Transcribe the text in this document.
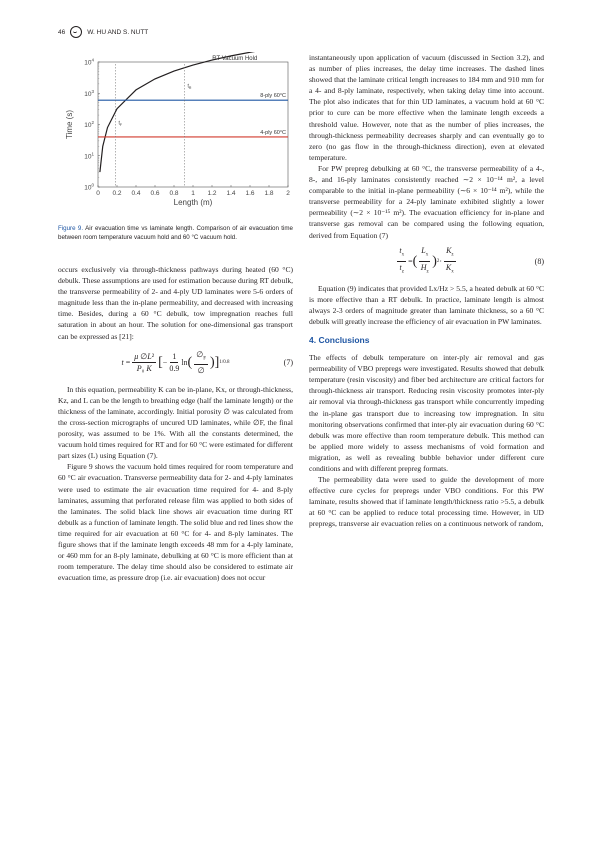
46	W. HU AND S. NUTT
0 0.2 0.4 0.6 0.8 1 1.2 1.4 1.6 1.8 2
$10^0$
$10^1$
$10^2$
$10^3$
$10^4$
Time (s)
Length (m)
RT Vacuum Hold
8-ply 60°C
4-ply 60°C
$t_R$
$t_F$
Figure 9. Air evacuation time vs laminate length. Comparison of air evacuation time between room temperature vacuum hold and 60 °C vacuum hold.

occurs exclusively via through-thickness pathways during heated (60 °C) debulk. These assumptions are used for estimation because during RT debulk, the transverse permeability of 2- and 4-ply UD laminates were 5-6 orders of magnitude less than the in-plane permeability, and decreased with increasing time. Besides, during a 60 °C debulk, tow impregnation reaches full saturation in about an hour. The solution for one-dimensional gas transport can be expressed as [21]:

$t = \frac{\text{μ ∅L²}}{\text{P₀ K}}$ [ − $\frac{1}{0.9}$ ln ( $\frac{\emptyset_F}{\emptyset}$ ) ] 1/0.8	(7)

In this equation, permeability K can be in-plane, Kx, or through-thickness, Kz, and L can be the length to breathing edge (half the laminate length) or the thickness of the laminate, accordingly. Initial porosity ∅ was calculated from the cross-section micrographs of uncured UD laminates, while ∅F, the final porosity, was assumed to be 1%. With all the constants determined, the vacuum hold times required for RT and for 60 °C were estimated for different part sizes (L) using Equation (7).

Figure 9 shows the vacuum hold times required for room temperature and 60 °C air evacuation. Transverse permeability data for 2- and 4-ply laminates were used to estimate the air evacuation time required for 4- and 8-ply laminates, assuming that perforated release film was applied to both sides of the laminates. The solid black line shows air evacuation time during RT debulk as a function of laminate length. The solid blue and red lines show the time required for air evacuation at 60 °C for 4- and 8-ply laminates. The figure shows that if the laminate length exceeds 48 mm for a 4-ply laminate, or 460 mm for an 8-ply laminate, debulking at 60 °C is more efficient than at room temperature. The delay time should also be considered to estimate air evacuation time, as pressure drop (i.e. air evacuation) does not occur

instantaneously upon application of vacuum (discussed in Section 3.2), and as number of plies increases, the delay time increases. The dashed lines showed that the laminate critical length increases to 184 mm and 910 mm for a 4- and 8-ply laminate, respectively, when taking delay time into account. The plot also indicates that for thin UD laminates, a vacuum hold at 60 °C prior to cure can be more effective when the laminate length exceeds a threshold value. However, note that as the number of plies increases, the through-thickness permeability decreases sharply and can eventually go to zero (no gas flow in the through-thickness direction), even at elevated temperature.

For PW prepreg debulking at 60 °C, the transverse permeability of a 4-, 8-, and 16-ply laminates consistently reached ∼2 × 10⁻¹⁴ m², a level comparable to the initial in-plane permeability (∼6 × 10⁻¹⁴ m²), while the transverse permeability for a 24-ply laminate exhibited slightly a lower permeability (∼2 × 10⁻¹⁵ m²). The evacuation efficiency for in-plane and transverse gas removal can be compared using the following equation, derived from Equation (7)

$\frac{t_x}{t_z}$ = ( $\frac{L_x}{H_z}$ ) $2 \cdot \frac{K_z}{K_x}$	(8)

Equation (9) indicates that provided Lx/Hz > 5.5, a heated debulk at 60 °C is more effective than a RT debulk. In practice, laminate length is almost always 2-3 orders of magnitude greater than laminate thickness, so a 60 °C debulk will greatly increase the efficiency of air evacuation in PW laminates.

4. Conclusions

The effects of debulk temperature on inter-ply air removal and gas permeability of VBO prepregs were investigated. Results showed that debulk temperature (resin viscosity) and fiber bed architecture are critical factors for through-thickness air transport. Reducing resin viscosity promotes inter-ply air removal via through-thickness gas transport while concurrently impeding the in-plane gas transport due to increasing tow impregnation. In situ monitoring observations confirmed that inter-ply air evacuation during 60 °C debulk was more effective than room temperature debulk. This method can be applied more widely to assess mechanisms of void formation and migration, as well as revealing bubble behavior under different cure conditions and with different prepreg formats.

The permeability data were used to guide the development of more effective cure cycles for prepregs under VBO conditions. For this PW laminate, results showed that if laminate length/thickness ratio >5.5, a debulk at 60 °C can be applied to reduce total processing time. However, in UD prepregs, transverse air evacuation relies on a continuous network of random,
